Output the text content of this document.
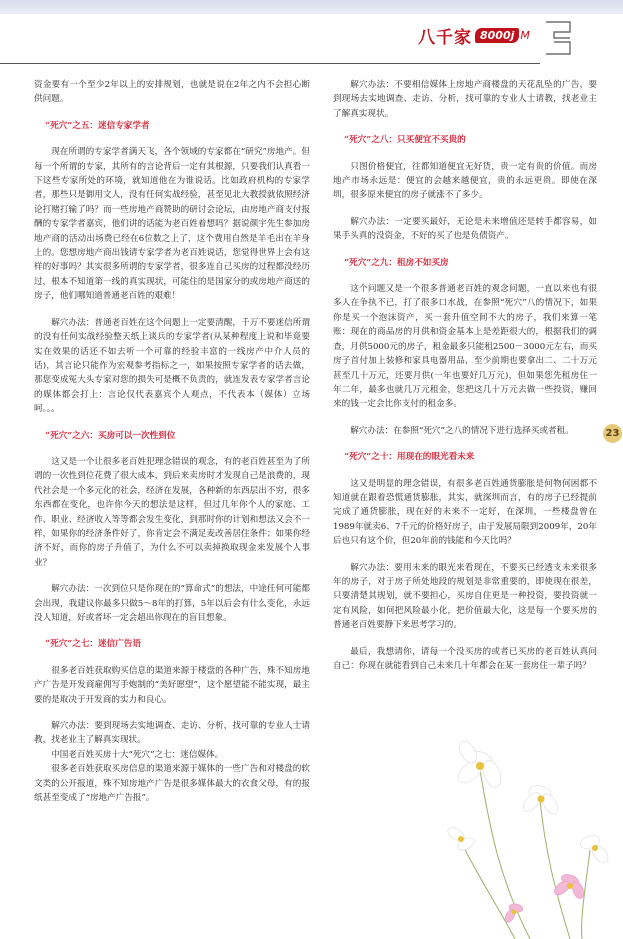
八千家 8000j M

资金要有一个至少2年以上的安排规划，也就是说在2年之内不会担心断供问题。

“死穴”之五：迷信专家学者

现在所谓的专家学者满天飞，各个领域的专家都在“研究”房地产。但每一个所谓的专家，其所有的言论背后一定有其根源，只要我们认真看一下这些专家所处的环境，就知道他在为谁说话。比如政府机构的专家学者，那些只是御用文人，没有任何实战经验，甚至见北大教授就依照经济论打赌打输了吗？而一些房地产商赞助的研讨会论坛，由房地产商支付报酬的专家学者嘉宾，他们讲的话能为老百姓着想吗？据说颜宇先生参加房地产商的活动出场费已经在6位数之上了，这个费用自然是羊毛出在羊身上的。您想房地产商出钱请专家学者为老百姓说话，您觉得世界上会有这样的好事吗？其实很多所谓的专家学者，很多连自己买房的过程都没经历过，根本不知道第一线的真实现状，可能住的是国家分的或房地产商送的房子，他们哪知道普通老百姓的艰难！

解穴办法：普通老百姓在这个问题上一定要清醒，千万不要迷信所谓的没有任何实战经验整天纸上谈兵的专家学者(从某种程度上说和毕竟要实在效果的话还不如去听一个可靠的经验丰富的一线房产中介人员的话)，其言论只能作为宏观参考指标之一，如果按照专家学者的话去做，那您变成冤大头专家对您的损失可是概不负责的，就连发表专家学者言论的媒体都会打上：言论仅代表嘉宾个人观点，不代表本（媒体）立场呵。。。

“死穴”之六：买房可以一次性到位

这又是一个让很多老百姓犯理念错误的观念，有的老百姓甚至为了所谓的一次性到位花费了很大成本，到后来卖房时才发现自己是浪费的，现代社会是一个多元化的社会，经济在发展，各种新的东西层出不穷，很多东西都在变化，也许你今天的想法是这样，但过几年你个人的家庭、工作、职业、经济收入等等都会发生变化，到那时你的计划和想法又会不一样，如果你的经济条件好了，你肯定会不满足麦改善居住条件；如果你经济不好，而你的房子升值了，为什么不可以卖掉换取现金来发展个人事业？

解穴办法：一次到位只是你现在的“算命式”的想法，中途任何可能都会出现，我建议你最多只做5～8年的打算，5年以后会有什么变化，永远没人知道，好或者坏一定会超出你现在的盲目想象。

“死穴”之七：迷信广告语

很多老百姓获取购买信息的渠道来源于楼盘的各种广告，殊不知房地产广告是开发商雇佣写手炮制的“美好愿望”，这个愿望能不能实现，最主要的是取决于开发商的实力和良心。

解穴办法：要到现场去实地调查、走访、分析，找可靠的专业人士请教，找老业主了解真实现状。

中国老百姓买房十大“死穴”之七：迷信媒体。

很多老百姓获取买房信息的渠道来源于媒体的一些广告和对楼盘的软文类的公开报道，殊不知房地产广告是很多媒体最大的衣食父母，有的报纸甚至变成了“房地产广告报”。

解穴办法：不要相信媒体上房地产商楼盘的天花乱坠的广告，要到现场去实地调查、走访、分析，找可靠的专业人士请教，找老业主了解真实现状。

“死穴”之八：只买便宜不买贵的

只图价格便宜，往都知道便宜无好货，贵一定有贵的价值。而房地产市场永远是：便宜的会越来越便宜，贵的永远更贵。即使在深圳，很多原来便宜的房子就涨不了多少。

解穴办法：一定要买最好，无论是未来增值还是转手都容易，如果手头真的没资金，不好的买了也是负债资产。

“死穴”之九：租房不如买房

这个问题又是一个很多普通老百姓的观念问题，一直以来也有很多人在争执不已，打了很多口水战，在参照“死穴”八的情况下，如果你是买一个泡沫资产，买一套升值空间不大的房子，我们来算一笔账：现在的商品房的月供和资金基本上是差距很大的，根据我们的调查，月供5000元的房子，租金最多只能租2500－3000元左右，而买房子首付加上装修和家具电器用品，至少前期也要拿出二、二十万元甚至几十万元，还要月供(一年也要好几万元)，但如果您先租房住一年二年，最多也就几万元租金，您把这几十万元去做一些投资，赚回来的钱一定会比你支付的租金多。

解穴办法：在参照“死穴”之八的情况下进行选择买或者租。

“死穴”之十：用现在的眼光看未来

这又是明显的理念错误，有很多老百姓通货膨胀是何物何困都不知道就在跟着恐慌通货膨胀，其实，就深圳而言，有的房子已经提前完成了通货膨胀，现在好的未来不一定好，在深圳，一些楼盘曾在1989年就卖6、7千元的价格好房子，由于发展局限到2009年，20年后也只有这个价，但20年前的钱能和今天比吗？

解穴办法：要用未来的眼光来看现在，不要买已经透支未来很多年的房子，对于房子所处地段的规划是非常重要的，即使现在很差，只要清楚其规划，就不要担心，买房自住更是一种投资，要投资就一定有风险，如何把风险最小化，把价值最大化，这是每一个要买房的普通老百姓要静下来思考学习的。

最后，我想请你，请每一个没买房的或者已买房的老百姓认真问自己：你现在就能看到自己未来几十年都会在某一套房住一辈子吗？

23
